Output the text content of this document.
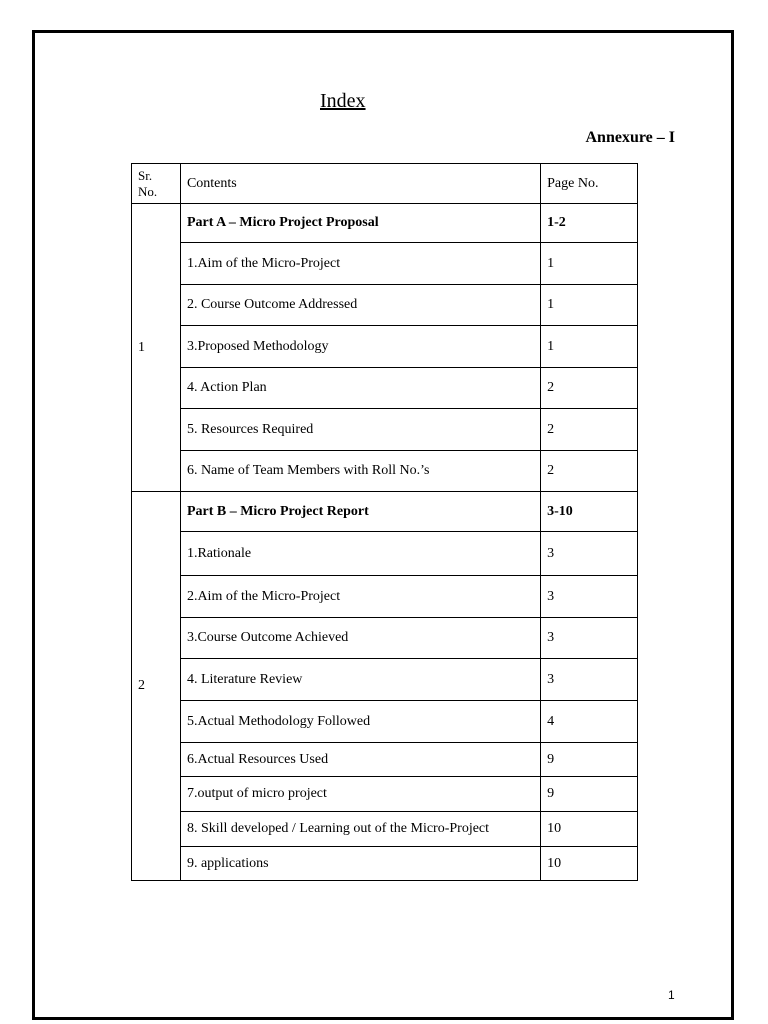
Index
Annexure – I
Sr. No.	Contents	Page No.
1	Part A – Micro Project Proposal	1-2
	1.Aim of the Micro-Project	1
	2. Course Outcome Addressed	1
	3.Proposed Methodology	1
	4. Action Plan	2
	5. Resources Required	2
	6. Name of Team Members with Roll No.’s	2
2	Part B – Micro Project Report	3-10
	1.Rationale	3
	2.Aim of the Micro-Project	3
	3.Course Outcome Achieved	3
	4. Literature Review	3
	5.Actual Methodology Followed	4
	6.Actual Resources Used	9
	7.output of micro project	9
	8. Skill developed / Learning out of the Micro-Project	10
	9. applications	10
1
